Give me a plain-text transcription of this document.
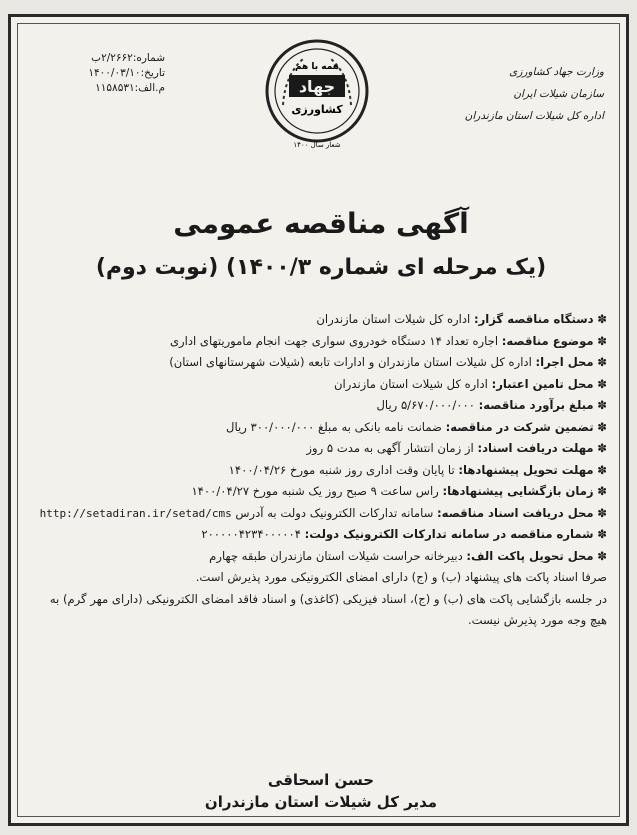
شماره:۲/۲۶۶۲ب
تاریخ:۱۴۰۰/۰۳/۱۰
م.الف:۱۱۵۸۵۳۱
همه با هم
جهاد
کشاورزی
شعار سال ۱۴۰۰
وزارت جهاد کشاورزی
سازمان شیلات ایران
اداره کل شیلات استان مازندران
آگهی مناقصه عمومی
(یک مرحله ای شماره ۱۴۰۰/۳) (نوبت دوم)
✽ دستگاه مناقصه گزار: اداره کل شیلات استان مازندران
✽ موضوع مناقصه: اجاره تعداد ۱۴ دستگاه خودروی سواری جهت انجام ماموریتهای اداری
✽ محل اجرا: اداره کل شیلات استان مازندران و ادارات تابعه (شیلات شهرستانهای استان)
✽ محل تامین اعتبار: اداره کل شیلات استان مازندران
✽ مبلغ برآورد مناقصه: ۵/۶۷۰/۰۰۰/۰۰۰ ریال
✽ تضمین شرکت در مناقصه: ضمانت نامه بانکی به مبلغ ۳۰۰/۰۰۰/۰۰۰ ریال
✽ مهلت دریافت اسناد: از زمان انتشار آگهی به مدت ۵ روز
✽ مهلت تحویل پیشنهادها: تا پایان وقت اداری روز شنبه مورخ ۱۴۰۰/۰۴/۲۶
✽ زمان بازگشایی پیشنهادها: راس ساعت ۹ صبح روز یک شنبه مورخ ۱۴۰۰/۰۴/۲۷
✽ محل دریافت اسناد مناقصه: سامانه تدارکات الکترونیک دولت به آدرس http://setadiran.ir/setad/cms
✽ شماره مناقصه در سامانه تدارکات الکترونیک دولت: ۲۰۰۰۰۰۴۲۳۴۰۰۰۰۰۴
✽ محل تحویل پاکت الف: دبیرخانه حراست شیلات استان مازندران طبقه چهارم
صرفا اسناد پاکت های پیشنهاد (ب) و (ج) دارای امضای الکترونیکی مورد پذیرش است.
در جلسه بازگشایی پاکت های (ب) و (ج)، اسناد فیزیکی (کاغذی) و اسناد فاقد امضای الکترونیکی (دارای مهر گرم) به هیچ وجه مورد پذیرش نیست.
حسن اسحاقی
مدیر کل شیلات استان مازندران
